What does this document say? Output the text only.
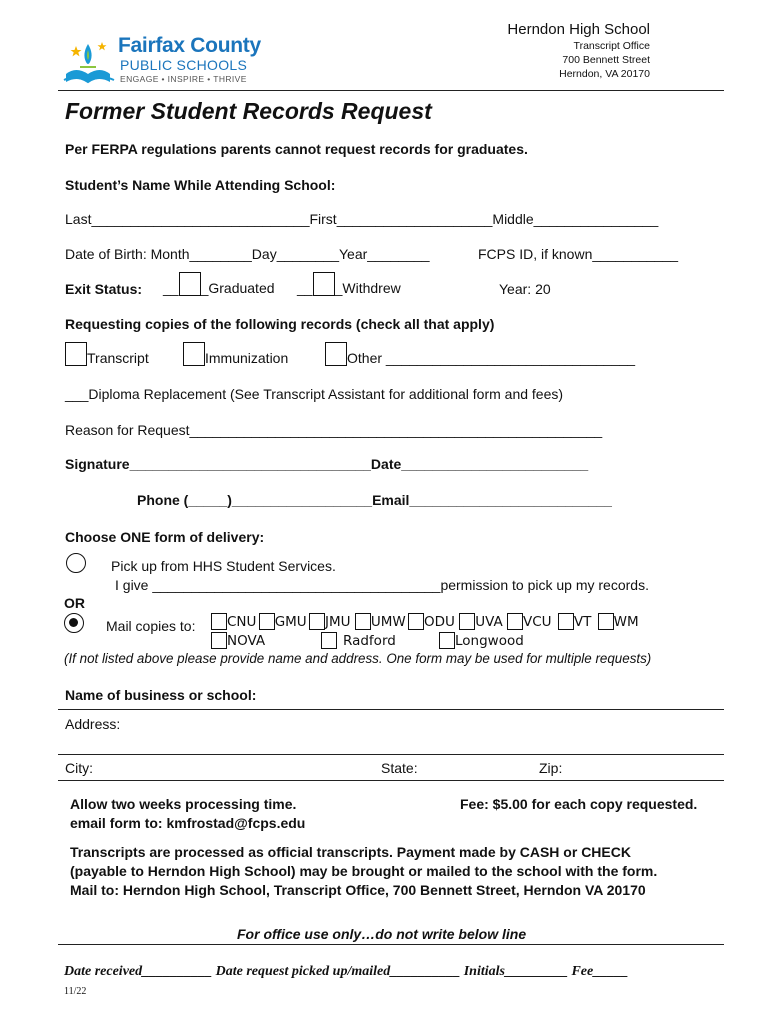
Fairfax County
PUBLIC SCHOOLS
ENGAGE • INSPIRE • THRIVE
Herndon High School
Transcript Office
700 Bennett Street
Herndon, VA 20170
Former Student Records Request
Per FERPA regulations parents cannot request records for graduates.
Student’s Name While Attending School:
Last____________________________First____________________Middle________________
Date of Birth: Month________Day________Year________	FCPS ID, if known___________
Exit Status: __ _Graduated __ _Withdrew	Year: 20
Requesting copies of the following records (check all that apply)
Transcript	Immunization	Other ________________________________
___Diploma Replacement (See Transcript Assistant for additional form and fees)
Reason for Request_____________________________________________________
Signature_______________________________Date________________________
Phone (_____)__________________Email__________________________
Choose ONE form of delivery:
Pick up from HHS Student Services.
I give _____________________________________permission to pick up my records.
OR
Mail copies to:	CNU GMU JMU UMW ODU UVA VCU VT WM
NOVA	Radford	Longwood
(If not listed above please provide name and address. One form may be used for multiple requests)
Name of business or school:
Address:
City:	State:	Zip:
Allow two weeks processing time.
email form to: kmfrostad@fcps.edu
Fee: $5.00 for each copy requested.
Transcripts are processed as official transcripts. Payment made by CASH or CHECK
(payable to Herndon High School) may be brought or mailed to the school with the form.
Mail to: Herndon High School, Transcript Office, 700 Bennett Street, Herndon VA 20170
For office use only…do not write below line
Date received__________ Date request picked up/mailed__________ Initials_________ Fee_____
11/22
